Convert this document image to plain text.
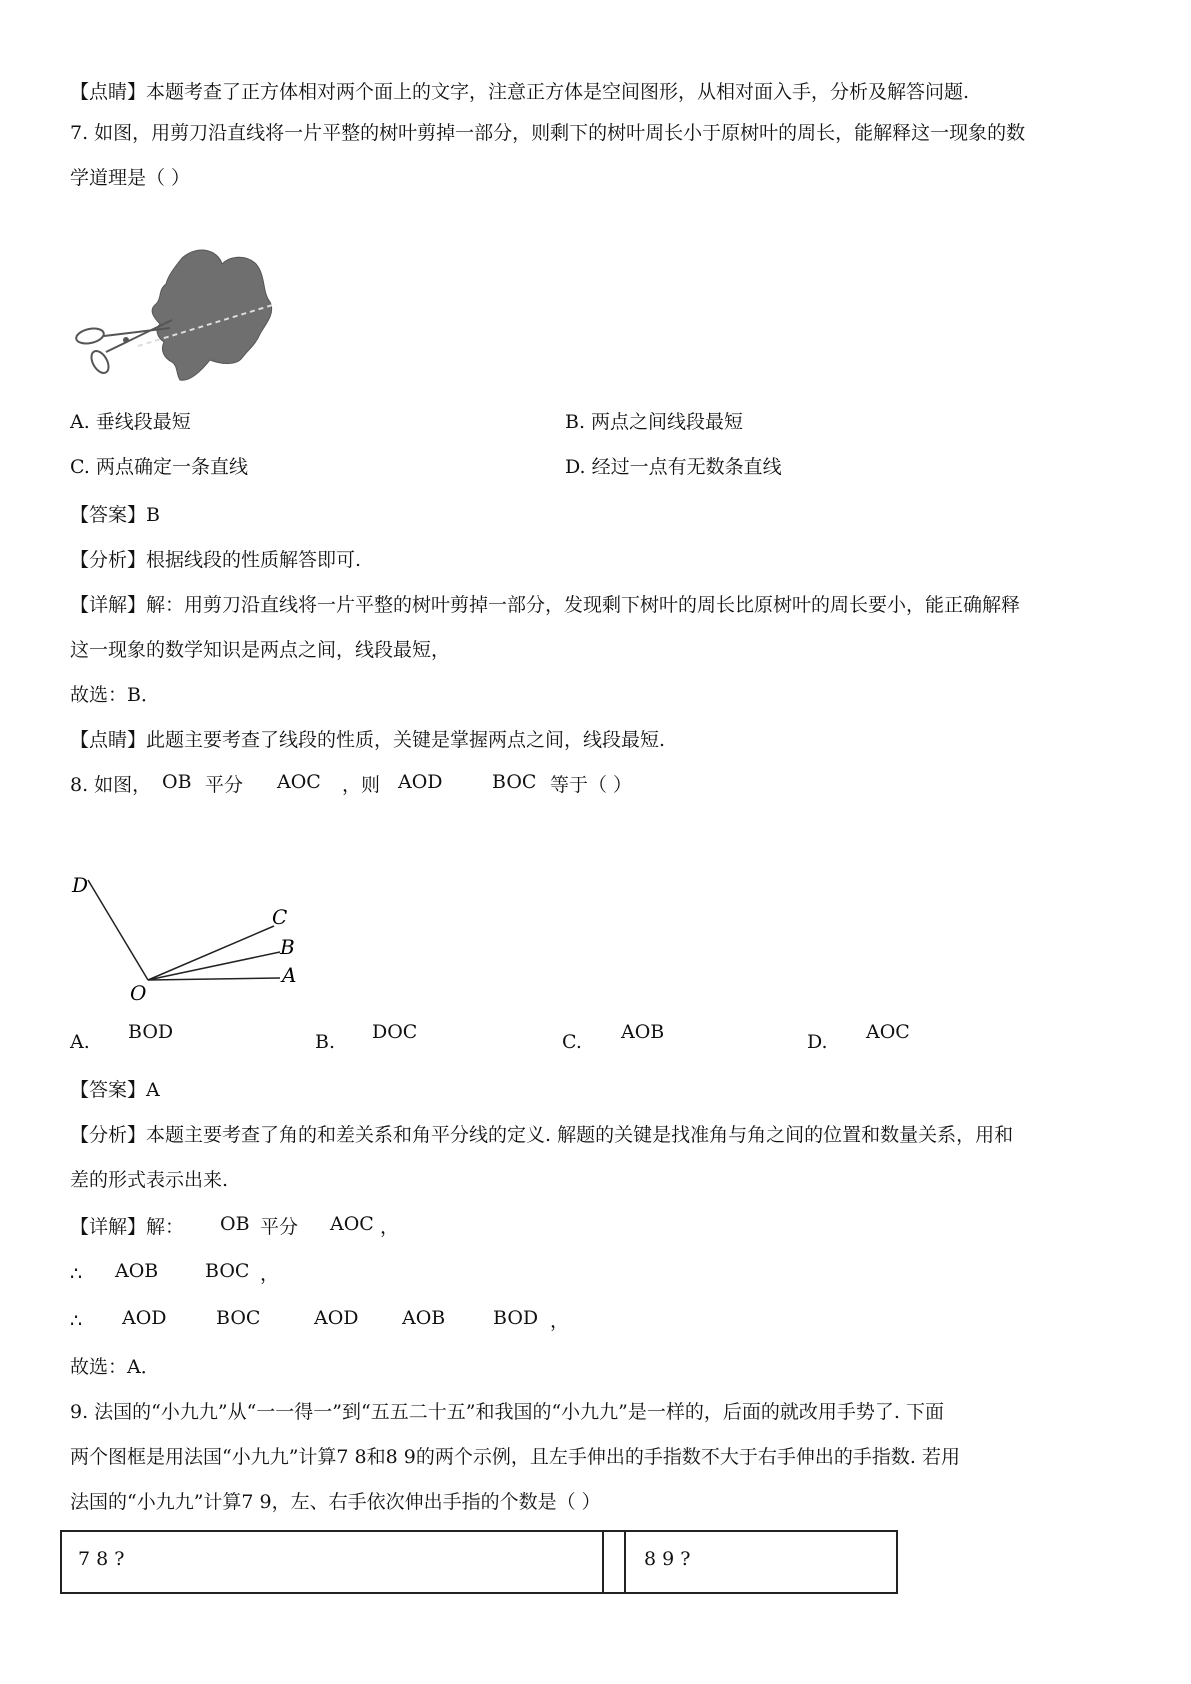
【点睛】本题考查了正方体相对两个面上的文字，注意正方体是空间图形，从相对面入手，分析及解答问题.
7. 如图，用剪刀沿直线将一片平整的树叶剪掉一部分，则剩下的树叶周长小于原树叶的周长，能解释这一现象的数
学道理是（ ）
A. 垂线段最短	B. 两点之间线段最短
C. 两点确定一条直线	D. 经过一点有无数条直线
【答案】B
【分析】根据线段的性质解答即可.
【详解】解：用剪刀沿直线将一片平整的树叶剪掉一部分，发现剩下树叶的周长比原树叶的周长要小，能正确解释
这一现象的数学知识是两点之间，线段最短，
故选：B．
【点睛】此题主要考查了线段的性质，关键是掌握两点之间，线段最短.
8. 如图， OB 平分 AOC ，则 AOD	BOC 等于（ ）
D
C
B
O
A
A. BOD	B. DOC	C. AOB	D. AOC
【答案】A
【分析】本题主要考查了角的和差关系和角平分线的定义. 解题的关键是找准角与角之间的位置和数量关系，用和
差的形式表示出来.
【详解】解： OB 平分 AOC ，
∴ AOB BOC ，
∴ AOD	BOC	AOD AOB	BOD ，
故选：A．
9. 法国的“小九九”从“一一得一”到“五五二十五”和我国的“小九九”是一样的，后面的就改用手势了. 下面
两个图框是用法国“小九九”计算7 8和8 9的两个示例，且左手伸出的手指数不大于右手伸出的手指数. 若用
法国的“小九九”计算7 9，左、右手依次伸出手指的个数是（ ）
7 8 ?	8 9 ?
